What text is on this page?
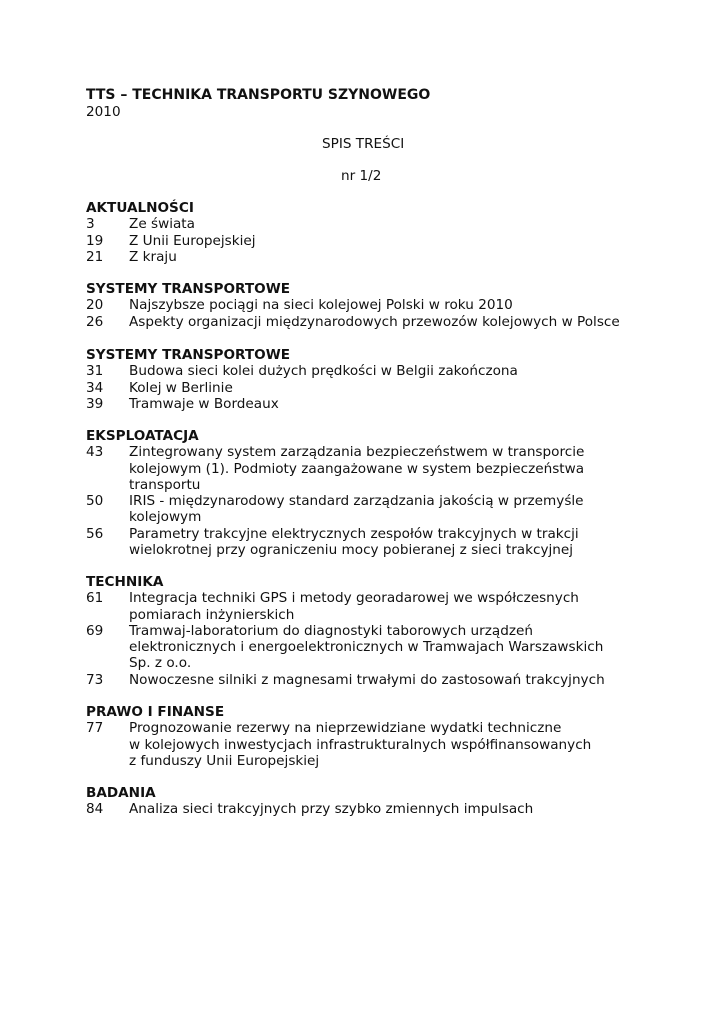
TTS – TECHNIKA TRANSPORTU SZYNOWEGO
2010
SPIS TREŚCI
nr 1/2
AKTUALNOŚCI
3	Ze świata
19 Z Unii Europejskiej
21 Z kraju
SYSTEMY TRANSPORTOWE
20 Najszybsze pociągi na sieci kolejowej Polski w roku 2010
26 Aspekty organizacji międzynarodowych przewozów kolejowych w Polsce
SYSTEMY TRANSPORTOWE
31 Budowa sieci kolei dużych prędkości w Belgii zakończona
34 Kolej w Berlinie
39 Tramwaje w Bordeaux
EKSPLOATACJA
43 Zintegrowany system zarządzania bezpieczeństwem w transporcie
kolejowym (1). Podmioty zaangażowane w system bezpieczeństwa
transportu
50 IRIS - międzynarodowy standard zarządzania jakością w przemyśle
kolejowym
56 Parametry trakcyjne elektrycznych zespołów trakcyjnych w trakcji
wielokrotnej przy ograniczeniu mocy pobieranej z sieci trakcyjnej
TECHNIKA
61 Integracja techniki GPS i metody georadarowej we współczesnych
pomiarach inżynierskich
69 Tramwaj-laboratorium do diagnostyki taborowych urządzeń
elektronicznych i energoelektronicznych w Tramwajach Warszawskich
Sp. z o.o.
73 Nowoczesne silniki z magnesami trwałymi do zastosowań trakcyjnych
PRAWO I FINANSE
77 Prognozowanie rezerwy na nieprzewidziane wydatki techniczne
w kolejowych inwestycjach infrastrukturalnych współfinansowanych
z funduszy Unii Europejskiej
BADANIA
84 Analiza sieci trakcyjnych przy szybko zmiennych impulsach
